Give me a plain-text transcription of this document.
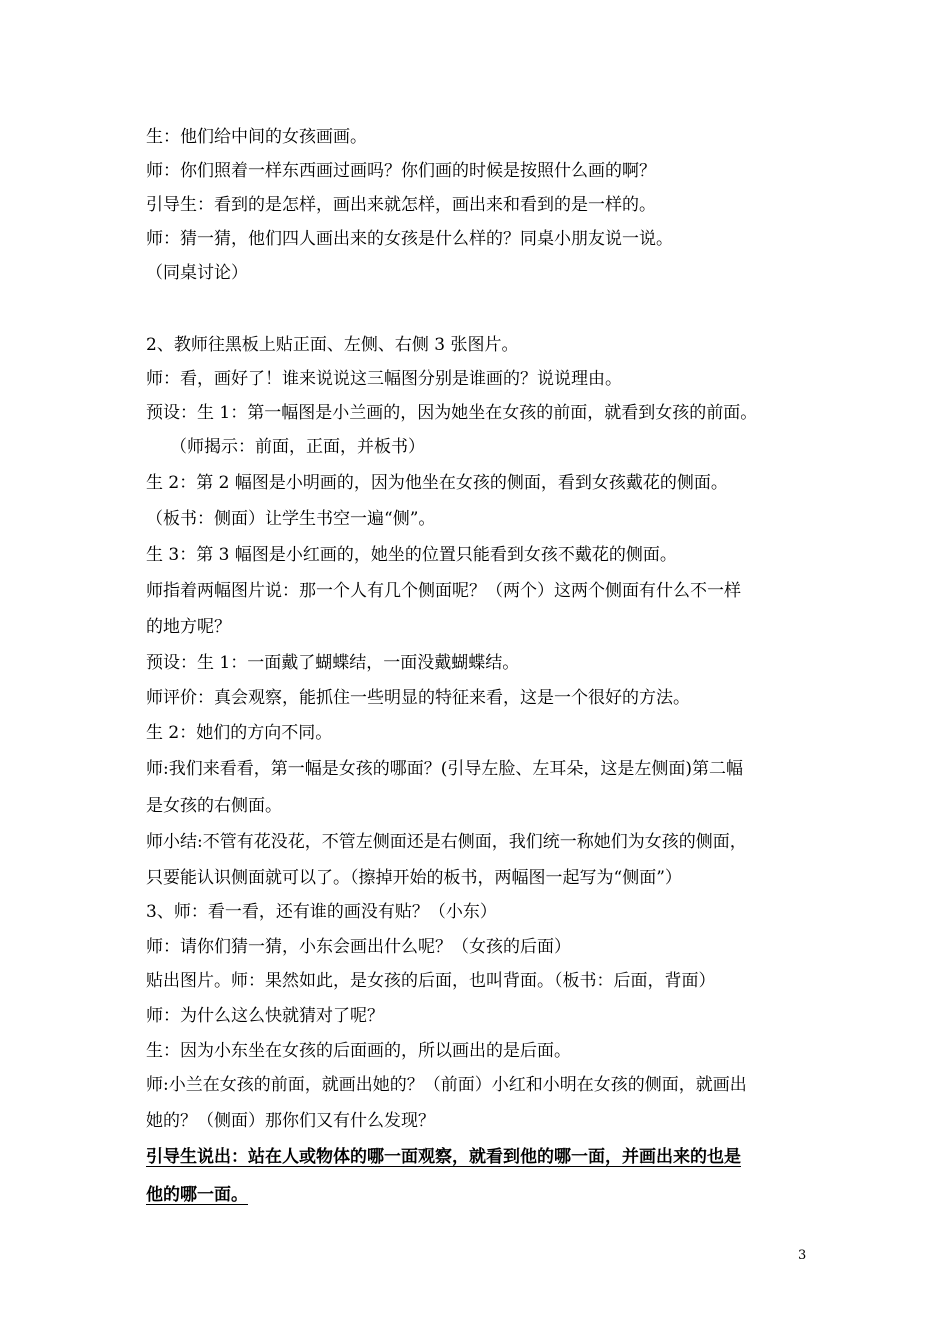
生：他们给中间的女孩画画。
师：你们照着一样东西画过画吗？你们画的时候是按照什么画的啊？
引导生：看到的是怎样，画出来就怎样，画出来和看到的是一样的。
师：猜一猜，他们四人画出来的女孩是什么样的？同桌小朋友说一说。
（同桌讨论）
2、教师往黑板上贴正面、左侧、右侧 3 张图片。
师：看，画好了！谁来说说这三幅图分别是谁画的？说说理由。
预设：生 1：第一幅图是小兰画的，因为她坐在女孩的前面，就看到女孩的前面。
（师揭示：前面，正面，并板书）
生 2：第 2 幅图是小明画的，因为他坐在女孩的侧面，看到女孩戴花的侧面。
（板书：侧面）让学生书空一遍“侧”。
生 3：第 3 幅图是小红画的，她坐的位置只能看到女孩不戴花的侧面。
师指着两幅图片说：那一个人有几个侧面呢？（两个）这两个侧面有什么不一样
的地方呢？
预设：生 1：一面戴了蝴蝶结，一面没戴蝴蝶结。
师评价：真会观察，能抓住一些明显的特征来看，这是一个很好的方法。
生 2：她们的方向不同。
师:我们来看看，第一幅是女孩的哪面？(引导左脸、左耳朵，这是左侧面)第二幅
是女孩的右侧面。
师小结:不管有花没花，不管左侧面还是右侧面，我们统一称她们为女孩的侧面，
只要能认识侧面就可以了。（擦掉开始的板书，两幅图一起写为“侧面”）
3、师：看一看，还有谁的画没有贴？（小东）
师：请你们猜一猜，小东会画出什么呢？（女孩的后面）
贴出图片。师：果然如此，是女孩的后面，也叫背面。（板书：后面，背面）
师：为什么这么快就猜对了呢？
生：因为小东坐在女孩的后面画的，所以画出的是后面。
师:小兰在女孩的前面，就画出她的？（前面）小红和小明在女孩的侧面，就画出
她的？（侧面）那你们又有什么发现？
引导生说出：站在人或物体的哪一面观察，就看到他的哪一面，并画出来的也是
他的哪一面。
3
